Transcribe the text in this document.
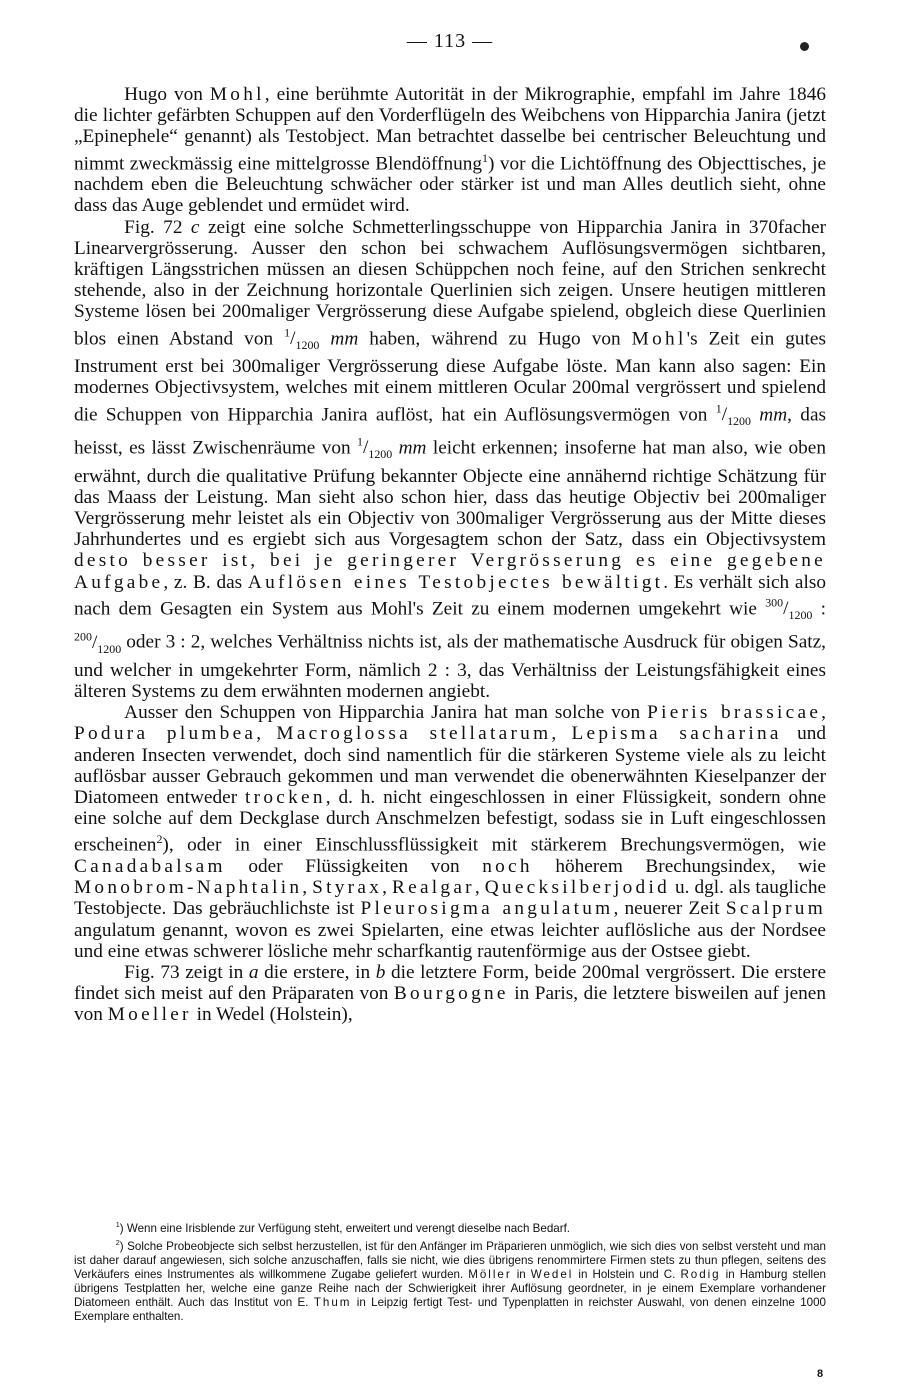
— 113 —

Hugo von Mohl, eine berühmte Autorität in der Mikrographie, empfahl im Jahre 1846 die lichter gefärbten Schuppen auf den Vorderflügeln des Weibchens von Hipparchia Janira (jetzt „Epinephele“ genannt) als Testobject. Man betrachtet dasselbe bei centrischer Beleuchtung und nimmt zweckmässig eine mittelgrosse Blendöffnung$^1$) vor die Lichtöffnung des Objecttisches, je nachdem eben die Beleuchtung schwächer oder stärker ist und man Alles deutlich sieht, ohne dass das Auge geblendet und ermüdet wird.

Fig. 72 c zeigt eine solche Schmetterlingsschuppe von Hipparchia Janira in 370facher Linearvergrösserung. Ausser den schon bei schwachem Auflösungsvermögen sichtbaren, kräftigen Längsstrichen müssen an diesen Schüppchen noch feine, auf den Strichen senkrecht stehende, also in der Zeichnung horizontale Querlinien sich zeigen. Unsere heutigen mittleren Systeme lösen bei 200maliger Vergrösserung diese Aufgabe spielend, obgleich diese Querlinien blos einen Abstand von $^1/_{1200}$ mm haben, während zu Hugo von Mohl's Zeit ein gutes Instrument erst bei 300maliger Vergrösserung diese Aufgabe löste. Man kann also sagen: Ein modernes Objectivsystem, welches mit einem mittleren Ocular 200mal vergrössert und spielend die Schuppen von Hipparchia Janira auflöst, hat ein Auflösungsvermögen von $^1/_{1200}$ mm, das heisst, es lässt Zwischenräume von $^1/_{1200}$ mm leicht erkennen; insoferne hat man also, wie oben erwähnt, durch die qualitative Prüfung bekannter Objecte eine annähernd richtige Schätzung für das Maass der Leistung. Man sieht also schon hier, dass das heutige Objectiv bei 200maliger Vergrösserung mehr leistet als ein Objectiv von 300maliger Vergrösserung aus der Mitte dieses Jahrhundertes und es ergiebt sich aus Vorgesagtem schon der Satz, dass ein Objectivsystem desto besser ist, bei je geringerer Vergrösserung es eine gegebene Aufgabe, z. B. das Auflösen eines Testobjectes bewältigt. Es verhält sich also nach dem Gesagten ein System aus Mohl's Zeit zu einem modernen umgekehrt wie $^{300}/_{1200}$ : $^{200}/_{1200}$ oder 3 : 2, welches Verhältniss nichts ist, als der mathematische Ausdruck für obigen Satz, und welcher in umgekehrter Form, nämlich 2 : 3, das Verhältniss der Leistungsfähigkeit eines älteren Systems zu dem erwähnten modernen angiebt.

Ausser den Schuppen von Hipparchia Janira hat man solche von Pieris brassicae, Podura plumbea, Macroglossa stellatarum, Lepisma sacharina und anderen Insecten verwendet, doch sind namentlich für die stärkeren Systeme viele als zu leicht auflösbar ausser Gebrauch gekommen und man verwendet die obenerwähnten Kieselpanzer der Diatomeen entweder trocken, d. h. nicht eingeschlossen in einer Flüssigkeit, sondern ohne eine solche auf dem Deckglase durch Anschmelzen befestigt, sodass sie in Luft eingeschlossen erscheinen$^2$), oder in einer Einschlussflüssigkeit mit stärkerem Brechungsvermögen, wie Canadabalsam oder Flüssigkeiten von noch höherem Brechungsindex, wie Monobrom-Naphtalin, Styrax, Realgar, Quecksilberjodid u. dgl. als taugliche Testobjecte. Das gebräuchlichste ist Pleurosigma angulatum, neuerer Zeit Scalprum angulatum genannt, wovon es zwei Spielarten, eine etwas leichter auflösliche aus der Nordsee und eine etwas schwerer lösliche mehr scharfkantig rautenförmige aus der Ostsee giebt.

Fig. 73 zeigt in a die erstere, in b die letztere Form, beide 200mal vergrössert. Die erstere findet sich meist auf den Präparaten von Bourgogne in Paris, die letztere bisweilen auf jenen von Moeller in Wedel (Holstein),

$^1$) Wenn eine Irisblende zur Verfügung steht, erweitert und verengt dieselbe nach Bedarf.

$^2$) Solche Probeobjecte sich selbst herzustellen, ist für den Anfänger im Präparieren unmöglich, wie sich dies von selbst versteht und man ist daher darauf angewiesen, sich solche anzuschaffen, falls sie nicht, wie dies übrigens renommirtere Firmen stets zu thun pflegen, seitens des Verkäufers eines Instrumentes als willkommene Zugabe geliefert wurden. Möller in Wedel in Holstein und C. Rodig in Hamburg stellen übrigens Testplatten her, welche eine ganze Reihe nach der Schwierigkeit ihrer Auflösung geordneter, in je einem Exemplare vorhandener Diatomeen enthält. Auch das Institut von E. Thum in Leipzig fertigt Test- und Typenplatten in reichster Auswahl, von denen einzelne 1000 Exemplare enthalten.

8
